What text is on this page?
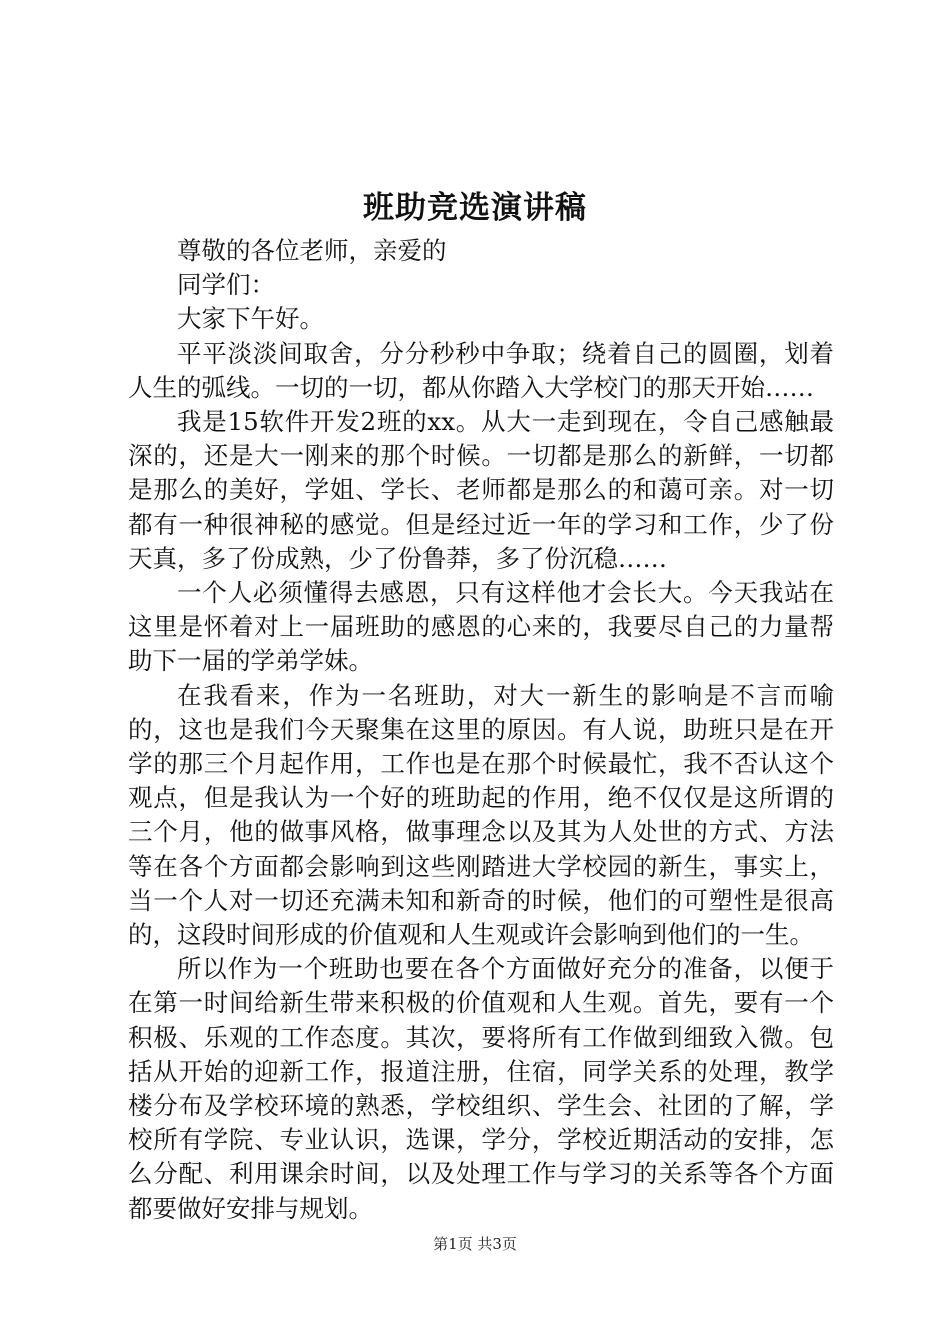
班助竞选演讲稿

尊敬的各位老师，亲爱的

同学们：

大家下午好。

平平淡淡间取舍，分分秒秒中争取；绕着自己的圆圈，划着人生的弧线。一切的一切，都从你踏入大学校门的那天开始……

我是15软件开发2班的xx。从大一走到现在，令自己感触最深的，还是大一刚来的那个时候。一切都是那么的新鲜，一切都是那么的美好，学姐、学长、老师都是那么的和蔼可亲。对一切都有一种很神秘的感觉。但是经过近一年的学习和工作，少了份天真，多了份成熟，少了份鲁莽，多了份沉稳……

一个人必须懂得去感恩，只有这样他才会长大。今天我站在这里是怀着对上一届班助的感恩的心来的，我要尽自己的力量帮助下一届的学弟学妹。

在我看来，作为一名班助，对大一新生的影响是不言而喻的，这也是我们今天聚集在这里的原因。有人说，助班只是在开学的那三个月起作用，工作也是在那个时候最忙，我不否认这个观点，但是我认为一个好的班助起的作用，绝不仅仅是这所谓的三个月，他的做事风格，做事理念以及其为人处世的方式、方法等在各个方面都会影响到这些刚踏进大学校园的新生，事实上，当一个人对一切还充满未知和新奇的时候，他们的可塑性是很高的，这段时间形成的价值观和人生观或许会影响到他们的一生。

所以作为一个班助也要在各个方面做好充分的准备，以便于在第一时间给新生带来积极的价值观和人生观。首先，要有一个积极、乐观的工作态度。其次，要将所有工作做到细致入微。包括从开始的迎新工作，报道注册，住宿，同学关系的处理，教学楼分布及学校环境的熟悉，学校组织、学生会、社团的了解，学校所有学院、专业认识，选课，学分，学校近期活动的安排，怎么分配、利用课余时间，以及处理工作与学习的关系等各个方面都要做好安排与规划。

第1页 共3页
